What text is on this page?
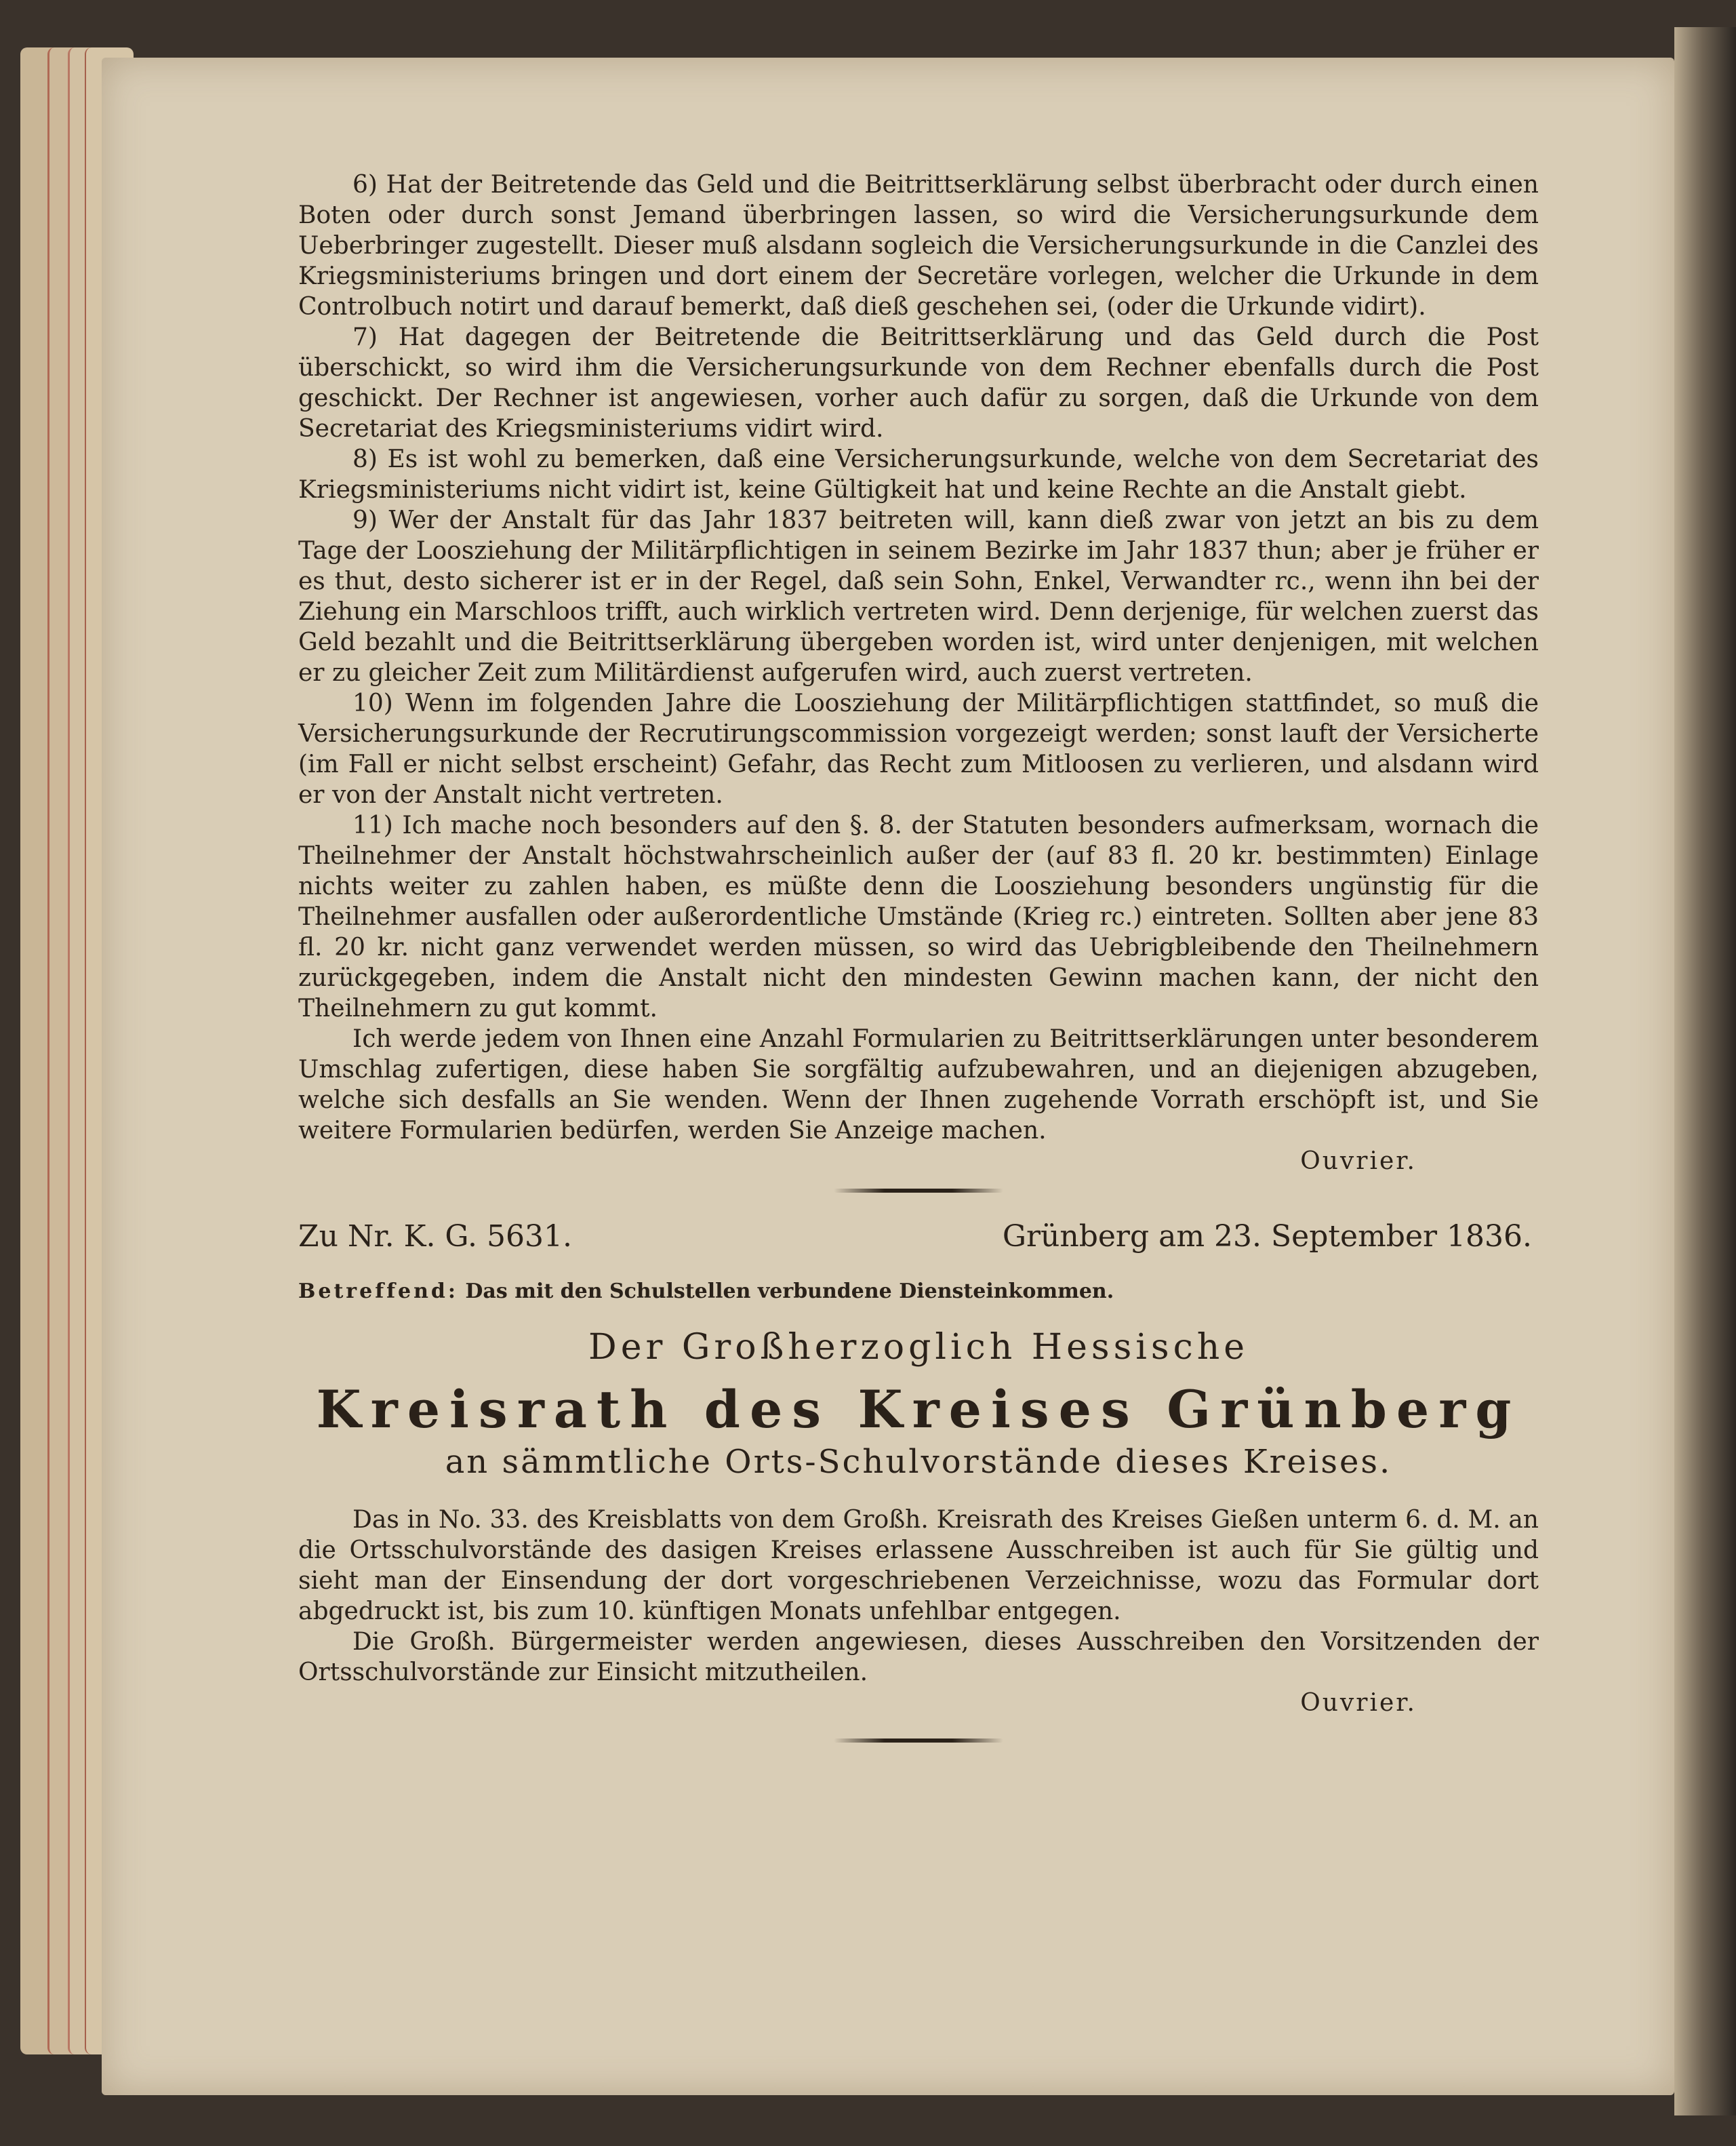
6) Hat der Beitretende das Geld und die Beitrittserklärung selbst überbracht oder durch einen Boten oder durch sonst Jemand überbringen lassen, so wird die Versicherungsurkunde dem Ueberbringer zugestellt. Dieser muß alsdann sogleich die Versicherungsurkunde in die Canzlei des Kriegsministeriums bringen und dort einem der Secretäre vorlegen, welcher die Urkunde in dem Controlbuch notirt und darauf bemerkt, daß dieß geschehen sei, (oder die Urkunde vidirt).

7) Hat dagegen der Beitretende die Beitrittserklärung und das Geld durch die Post überschickt, so wird ihm die Versicherungsurkunde von dem Rechner ebenfalls durch die Post geschickt. Der Rechner ist angewiesen, vorher auch dafür zu sorgen, daß die Urkunde von dem Secretariat des Kriegsministeriums vidirt wird.

8) Es ist wohl zu bemerken, daß eine Versicherungsurkunde, welche von dem Secretariat des Kriegsministeriums nicht vidirt ist, keine Gültigkeit hat und keine Rechte an die Anstalt giebt.

9) Wer der Anstalt für das Jahr 1837 beitreten will, kann dieß zwar von jetzt an bis zu dem Tage der Loosziehung der Militärpflichtigen in seinem Bezirke im Jahr 1837 thun; aber je früher er es thut, desto sicherer ist er in der Regel, daß sein Sohn, Enkel, Verwandter rc., wenn ihn bei der Ziehung ein Marschloos trifft, auch wirklich vertreten wird. Denn derjenige, für welchen zuerst das Geld bezahlt und die Beitrittserklärung übergeben worden ist, wird unter denjenigen, mit welchen er zu gleicher Zeit zum Militärdienst aufgerufen wird, auch zuerst vertreten.

10) Wenn im folgenden Jahre die Loosziehung der Militärpflichtigen stattfindet, so muß die Versicherungsurkunde der Recrutirungscommission vorgezeigt werden; sonst lauft der Versicherte (im Fall er nicht selbst erscheint) Gefahr, das Recht zum Mitloosen zu verlieren, und alsdann wird er von der Anstalt nicht vertreten.

11) Ich mache noch besonders auf den §. 8. der Statuten besonders aufmerksam, wornach die Theilnehmer der Anstalt höchstwahrscheinlich außer der (auf 83 fl. 20 kr. bestimmten) Einlage nichts weiter zu zahlen haben, es müßte denn die Loosziehung besonders ungünstig für die Theilnehmer ausfallen oder außerordentliche Umstände (Krieg rc.) eintreten. Sollten aber jene 83 fl. 20 kr. nicht ganz verwendet werden müssen, so wird das Uebrigbleibende den Theilnehmern zurückgegeben, indem die Anstalt nicht den mindesten Gewinn machen kann, der nicht den Theilnehmern zu gut kommt.

Ich werde jedem von Ihnen eine Anzahl Formularien zu Beitrittserklärungen unter besonderem Umschlag zufertigen, diese haben Sie sorgfältig aufzubewahren, und an diejenigen abzugeben, welche sich desfalls an Sie wenden. Wenn der Ihnen zugehende Vorrath erschöpft ist, und Sie weitere Formularien bedürfen, werden Sie Anzeige machen.

Ouvrier.

Zu Nr. K. G. 5631.	Grünberg am 23. September 1836.
Betreffend: Das mit den Schulstellen verbundene Diensteinkommen.
Der Großherzoglich Hessische
Kreisrath des Kreises Grünberg
an sämmtliche Orts-Schulvorstände dieses Kreises.

Das in No. 33. des Kreisblatts von dem Großh. Kreisrath des Kreises Gießen unterm 6. d. M. an die Ortsschulvorstände des dasigen Kreises erlassene Ausschreiben ist auch für Sie gültig und sieht man der Einsendung der dort vorgeschriebenen Verzeichnisse, wozu das Formular dort abgedruckt ist, bis zum 10. künftigen Monats unfehlbar entgegen.

Die Großh. Bürgermeister werden angewiesen, dieses Ausschreiben den Vorsitzenden der Ortsschulvorstände zur Einsicht mitzutheilen.

Ouvrier.
